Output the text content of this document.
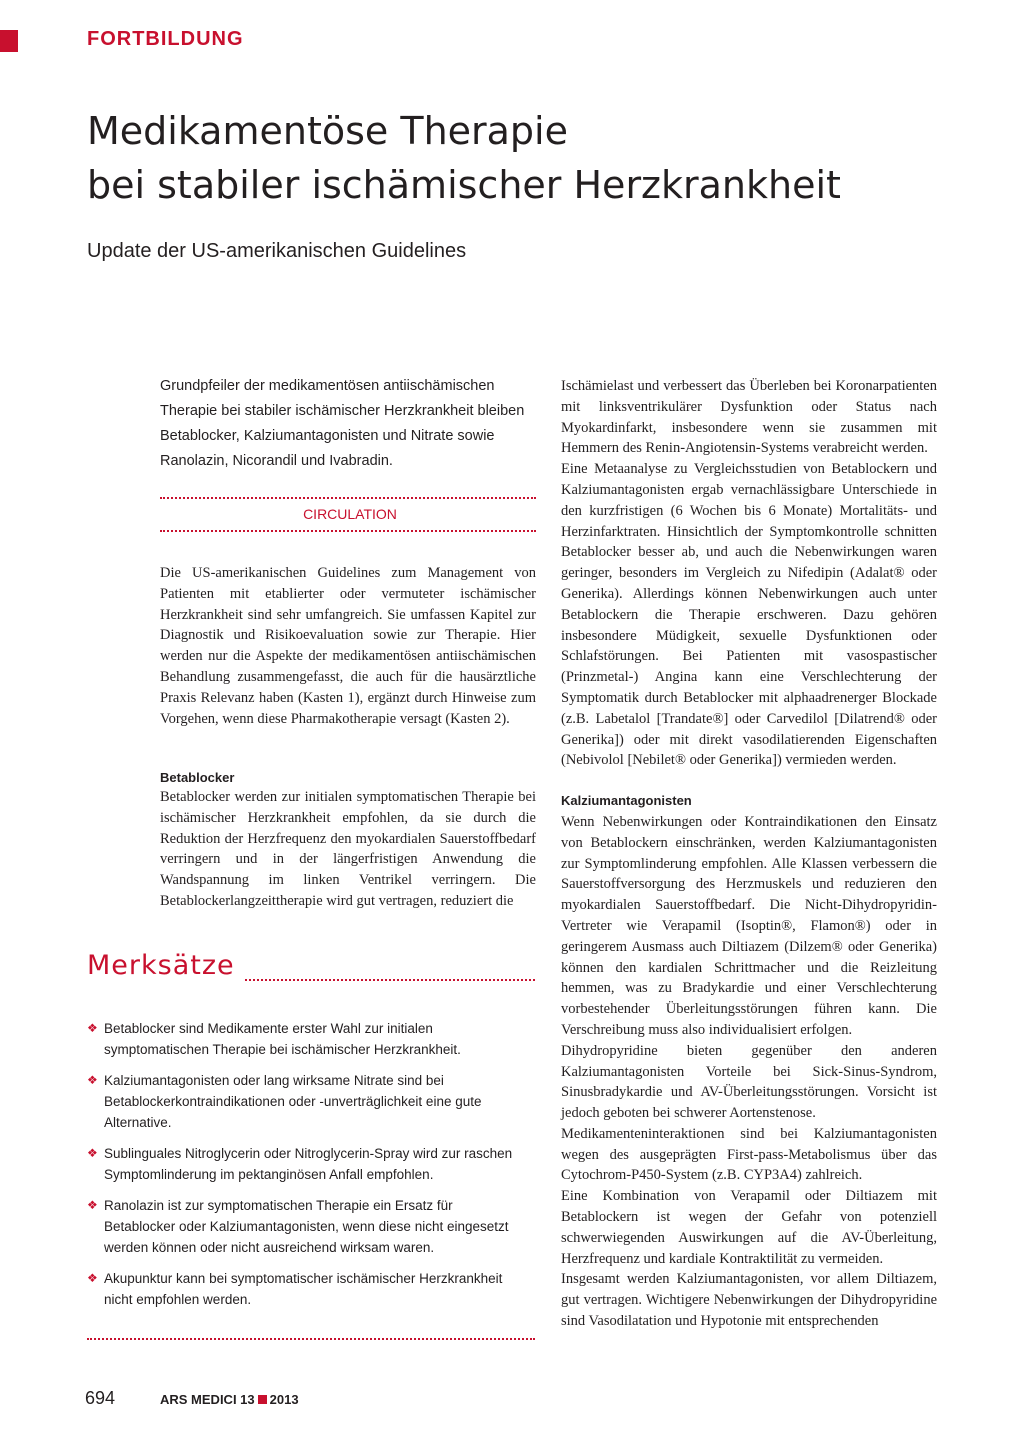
FORTBILDUNG
Medikamentöse Therapie
bei stabiler ischämischer Herzkrankheit
Update der US-amerikanischen Guidelines
Grundpfeiler der medikamentösen antiischämischen Therapie bei stabiler ischämischer Herzkrankheit bleiben Betablocker, Kalziumantagonisten und Nitrate sowie Ranolazin, Nicorandil und Ivabradin.
CIRCULATION

Die US-amerikanischen Guidelines zum Management von Patienten mit etablierter oder vermuteter ischämischer Herzkrankheit sind sehr umfangreich. Sie umfassen Kapitel zur Diagnostik und Risikoevaluation sowie zur Therapie. Hier werden nur die Aspekte der medikamentösen antiischämischen Behandlung zusammengefasst, die auch für die hausärztliche Praxis Relevanz haben (Kasten 1), ergänzt durch Hinweise zum Vorgehen, wenn diese Pharmakotherapie versagt (Kasten 2).

Betablocker

Betablocker werden zur initialen symptomatischen Therapie bei ischämischer Herzkrankheit empfohlen, da sie durch die Reduktion der Herzfrequenz den myokardialen Sauerstoffbedarf verringern und in der längerfristigen Anwendung die Wandspannung im linken Ventrikel verringern. Die Betablockerlangzeittherapie wird gut vertragen, reduziert die

Merksätze
❖ Betablocker sind Medikamente erster Wahl zur initialen symptomatischen Therapie bei ischämischer Herzkrankheit.
❖ Kalziumantagonisten oder lang wirksame Nitrate sind bei Betablockerkontraindikationen oder -unverträglichkeit eine gute Alternative.
❖ Sublinguales Nitroglycerin oder Nitroglycerin-Spray wird zur raschen Symptomlinderung im pektanginösen Anfall empfohlen.
❖ Ranolazin ist zur symptomatischen Therapie ein Ersatz für Betablocker oder Kalziumantagonisten, wenn diese nicht eingesetzt werden können oder nicht ausreichend wirksam waren.
❖ Akupunktur kann bei symptomatischer ischämischer Herzkrankheit nicht empfohlen werden.

Ischämielast und verbessert das Überleben bei Koronarpatienten mit linksventrikulärer Dysfunktion oder Status nach Myokardinfarkt, insbesondere wenn sie zusammen mit Hemmern des Renin-Angiotensin-Systems verabreicht werden.

Eine Metaanalyse zu Vergleichsstudien von Betablockern und Kalziumantagonisten ergab vernachlässigbare Unterschiede in den kurzfristigen (6 Wochen bis 6 Monate) Mortalitäts- und Herzinfarktraten. Hinsichtlich der Symptomkontrolle schnitten Betablocker besser ab, und auch die Nebenwirkungen waren geringer, besonders im Vergleich zu Nifedipin (Adalat® oder Generika). Allerdings können Nebenwirkungen auch unter Betablockern die Therapie erschweren. Dazu gehören insbesondere Müdigkeit, sexuelle Dysfunktionen oder Schlafstörungen. Bei Patienten mit vasospastischer (Prinzmetal-) Angina kann eine Verschlechterung der Symptomatik durch Betablocker mit alphaadrenerger Blockade (z.B. Labetalol [Trandate®] oder Carvedilol [Dilatrend® oder Generika]) oder mit direkt vasodilatierenden Eigenschaften (Nebivolol [Nebilet® oder Generika]) vermieden werden.

Kalziumantagonisten

Wenn Nebenwirkungen oder Kontraindikationen den Einsatz von Betablockern einschränken, werden Kalziumantagonisten zur Symptomlinderung empfohlen. Alle Klassen verbessern die Sauerstoffversorgung des Herzmuskels und reduzieren den myokardialen Sauerstoffbedarf. Die Nicht-Dihydropyridin-Vertreter wie Verapamil (Isoptin®, Flamon®) oder in geringerem Ausmass auch Diltiazem (Dilzem® oder Generika) können den kardialen Schrittmacher und die Reizleitung hemmen, was zu Bradykardie und einer Verschlechterung vorbestehender Überleitungsstörungen führen kann. Die Verschreibung muss also individualisiert erfolgen.

Dihydropyridine bieten gegenüber den anderen Kalziumantagonisten Vorteile bei Sick-Sinus-Syndrom, Sinusbradykardie und AV-Überleitungsstörungen. Vorsicht ist jedoch geboten bei schwerer Aortenstenose.

Medikamenteninteraktionen sind bei Kalziumantagonisten wegen des ausgeprägten First-pass-Metabolismus über das Cytochrom-P450-System (z.B. CYP3A4) zahlreich.

Eine Kombination von Verapamil oder Diltiazem mit Betablockern ist wegen der Gefahr von potenziell schwerwiegenden Auswirkungen auf die AV-Überleitung, Herzfrequenz und kardiale Kontraktilität zu vermeiden.

Insgesamt werden Kalziumantagonisten, vor allem Diltiazem, gut vertragen. Wichtigere Nebenwirkungen der Dihydropyridine sind Vasodilatation und Hypotonie mit entsprechenden

694	ARS MEDICI 13 2013
